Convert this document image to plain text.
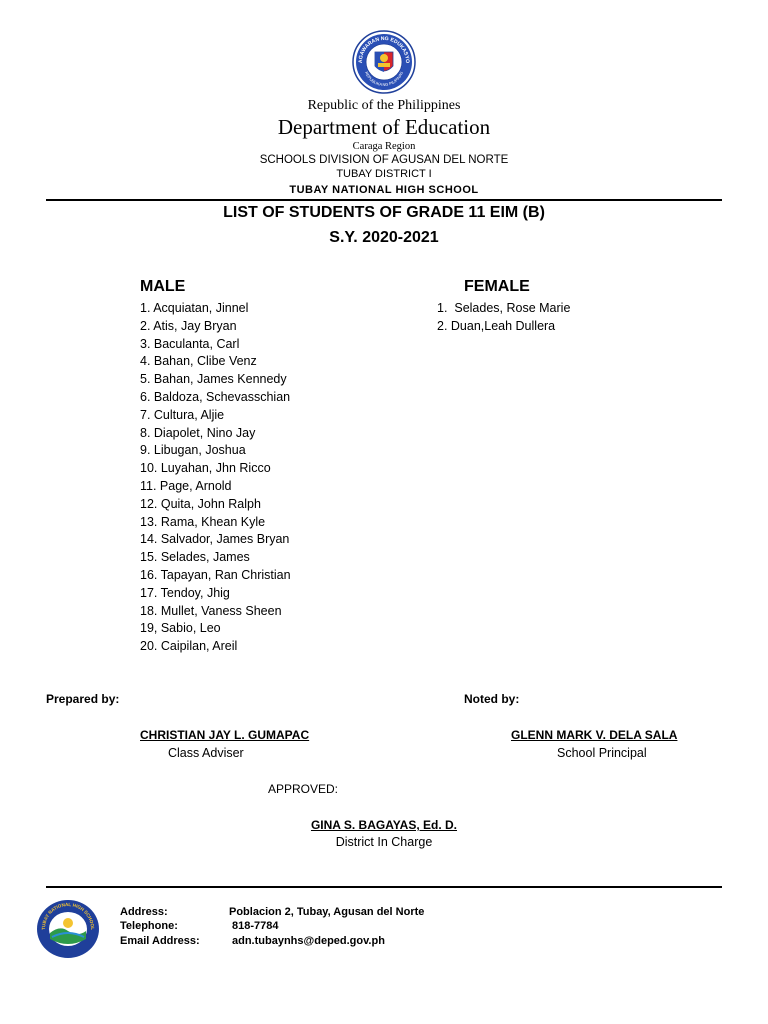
AGAWARAN NG EDUKASYO
REPUBLIKA NG PILIPINAS
Republic of the Philippines
Department of Education
Caraga Region
SCHOOLS DIVISION OF AGUSAN DEL NORTE
TUBAY DISTRICT I
TUBAY NATIONAL HIGH SCHOOL
LIST OF STUDENTS OF GRADE 11 EIM (B)
S.Y. 2020-2021
MALE
1. Acquiatan, Jinnel
2. Atis, Jay Bryan
3. Baculanta, Carl
4. Bahan, Clibe Venz
5. Bahan, James Kennedy
6. Baldoza, Schevasschian
7. Cultura, Aljie
8. Diapolet, Nino Jay
9. Libugan, Joshua
10. Luyahan, Jhn Ricco
11. Page, Arnold
12. Quita, John Ralph
13. Rama, Khean Kyle
14. Salvador, James Bryan
15. Selades, James
16. Tapayan, Ran Christian
17. Tendoy, Jhig
18. Mullet, Vaness Sheen
19, Sabio, Leo
20. Caipilan, Areil
FEMALE
1.  Selades, Rose Marie
2. Duan,Leah Dullera
Prepared by:	Noted by:
CHRISTIAN JAY L. GUMAPAC
Class Adviser
GLENN MARK V. DELA SALA
School Principal
APPROVED:
GINA S. BAGAYAS, Ed. D.
District In Charge
TUBAY NATIONAL HIGH SCHOOL
Address:	Poblacion 2, Tubay, Agusan del Norte
Telephone:	818-7784
Email Address:	adn.tubaynhs@deped.gov.ph
